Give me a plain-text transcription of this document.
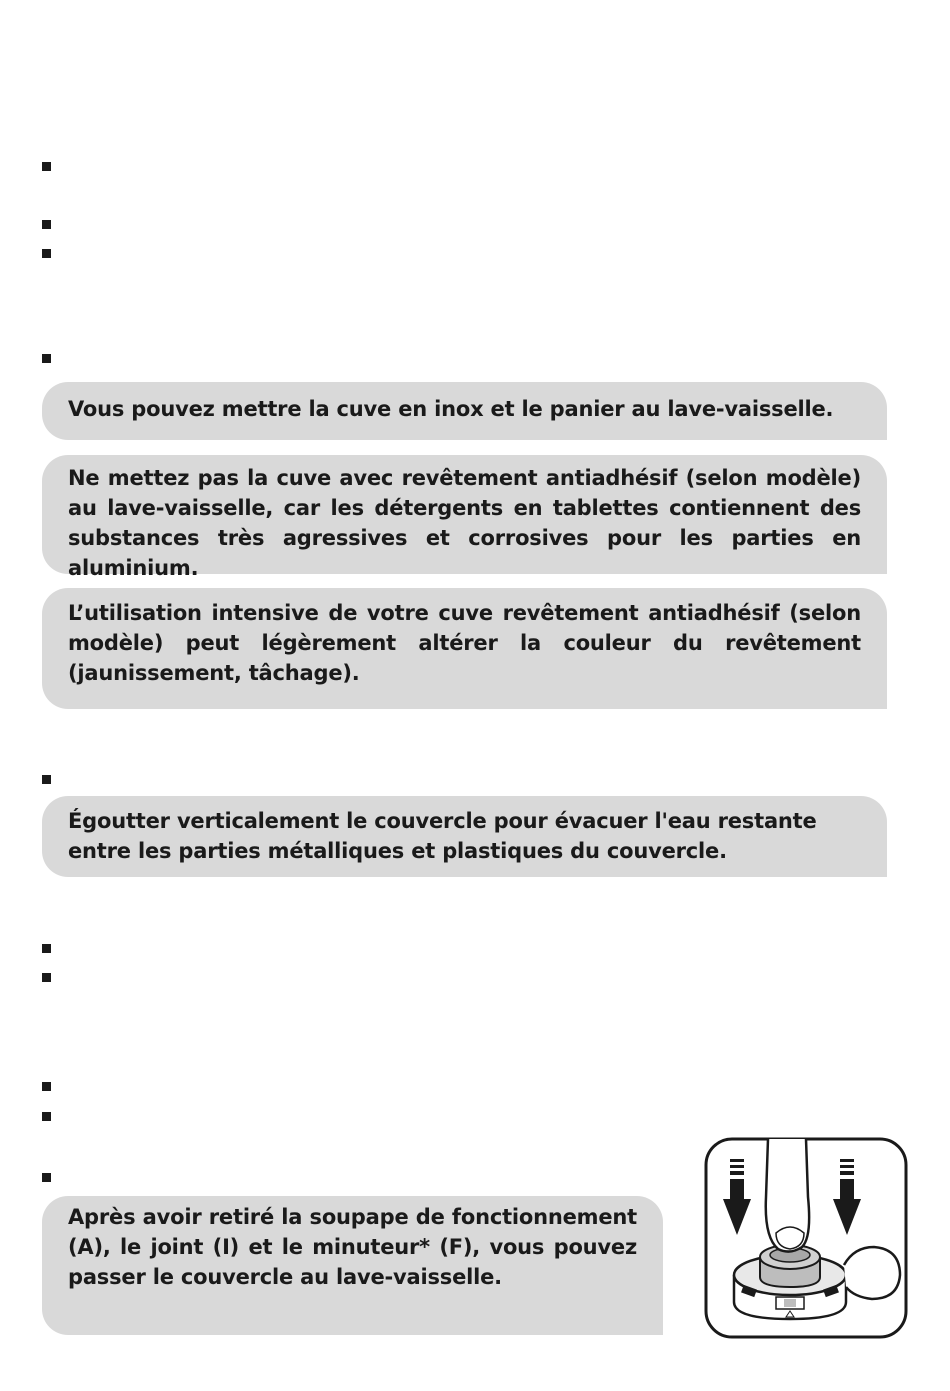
Vous pouvez mettre la cuve en inox et le panier au lave-vaisselle.

Ne mettez pas la cuve avec revêtement antiadhésif (selon modèle) au lave-vaisselle, car les détergents en tablettes contiennent des substances très agressives et corrosives pour les parties en aluminium.

L’utilisation intensive de votre cuve revêtement antiadhésif (selon modèle) peut légèrement altérer la couleur du revêtement (jaunissement, tâchage).

Égoutter verticalement le couvercle pour évacuer l'eau restante entre les parties métalliques et plastiques du couvercle.

Après avoir retiré la soupape de fonctionnement (A), le joint (I) et le minuteur* (F), vous pouvez passer le couvercle au lave-vaisselle.
